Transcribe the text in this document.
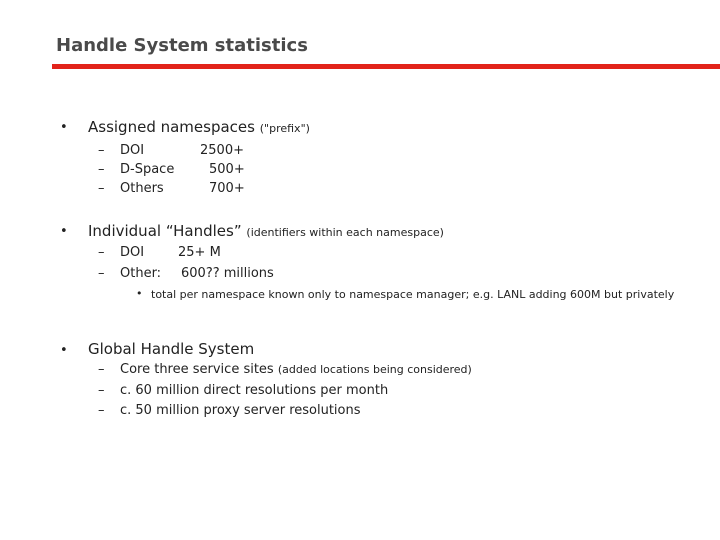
Handle System statistics
• Assigned namespaces ("prefix")
– DOI	2500+
– D-Space	500+
– Others	700+
• Individual “Handles” (identifiers within each namespace)
– DOI	25+ M
– Other: 600?? millions
• total per namespace known only to namespace manager; e.g. LANL adding 600M but privately
• Global Handle System
– Core three service sites (added locations being considered)
– c. 60 million direct resolutions per month
– c. 50 million proxy server resolutions
